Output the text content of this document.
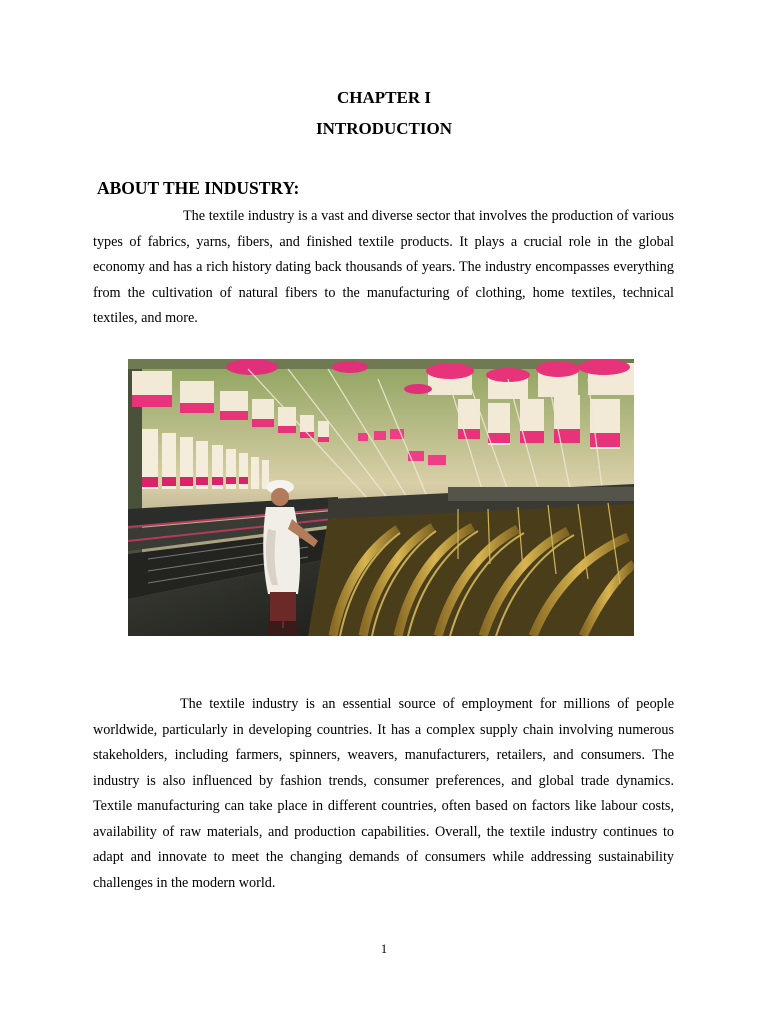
CHAPTER I
INTRODUCTION
ABOUT THE INDUSTRY:

The textile industry is a vast and diverse sector that involves the production of various types of fabrics, yarns, fibers, and finished textile products. It plays a crucial role in the global economy and has a rich history dating back thousands of years. The industry encompasses everything from the cultivation of natural fibers to the manufacturing of clothing, home textiles, technical textiles, and more.

The textile industry is an essential source of employment for millions of people worldwide, particularly in developing countries. It has a complex supply chain involving numerous stakeholders, including farmers, spinners, weavers, manufacturers, retailers, and consumers. The industry is also influenced by fashion trends, consumer preferences, and global trade dynamics. Textile manufacturing can take place in different countries, often based on factors like labour costs, availability of raw materials, and production capabilities. Overall, the textile industry continues to adapt and innovate to meet the changing demands of consumers while addressing sustainability challenges in the modern world.

1
